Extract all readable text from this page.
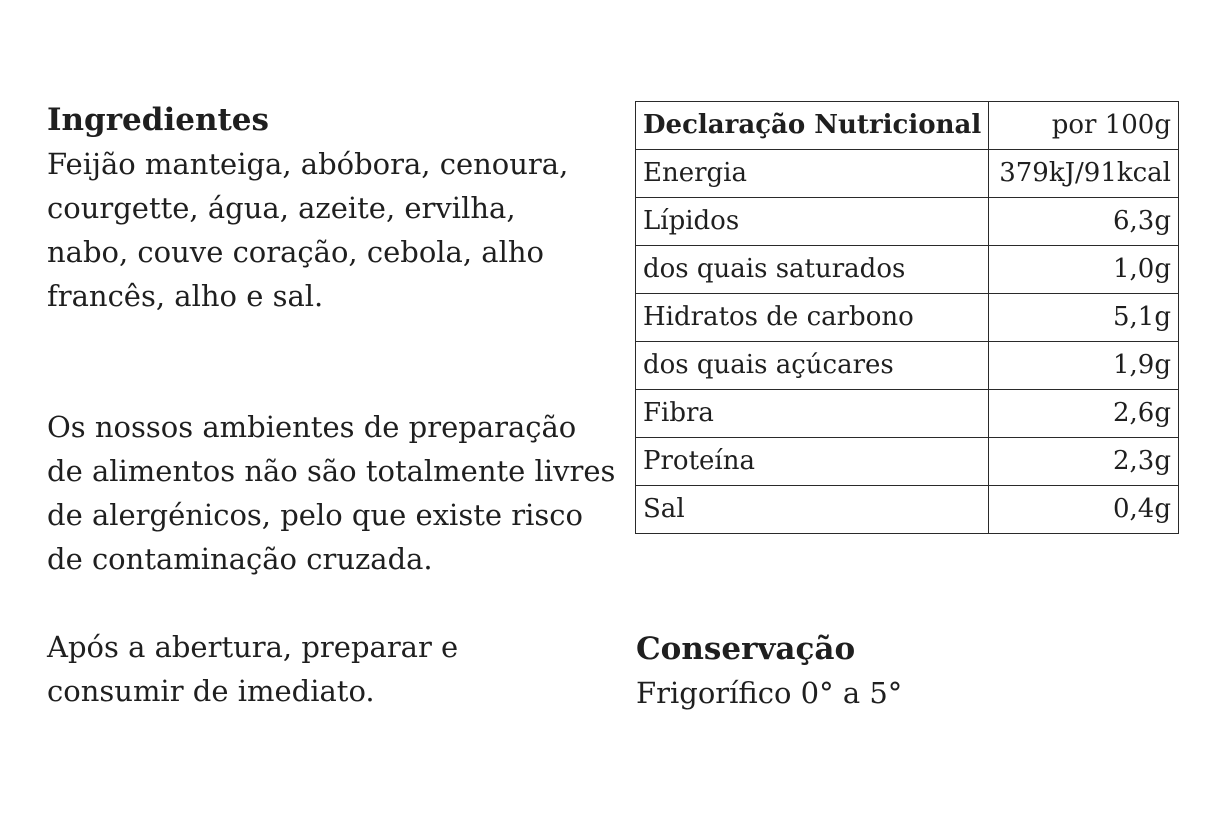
Ingredientes

Feijão manteiga, abóbora, cenoura, courgette, água, azeite, ervilha, nabo, couve coração, cebola, alho francês, alho e sal.

Os nossos ambientes de preparação de alimentos não são totalmente livres de alergénicos, pelo que existe risco de contaminação cruzada.

Após a abertura, preparar e consumir de imediato.

Declaração Nutricional	por 100g
Energia	379kJ/91kcal
Lípidos	6,3g
dos quais saturados	1,0g
Hidratos de carbono	5,1g
dos quais açúcares	1,9g
Fibra	2,6g
Proteína	2,3g
Sal	0,4g
Conservação

Frigorífico 0° a 5°
